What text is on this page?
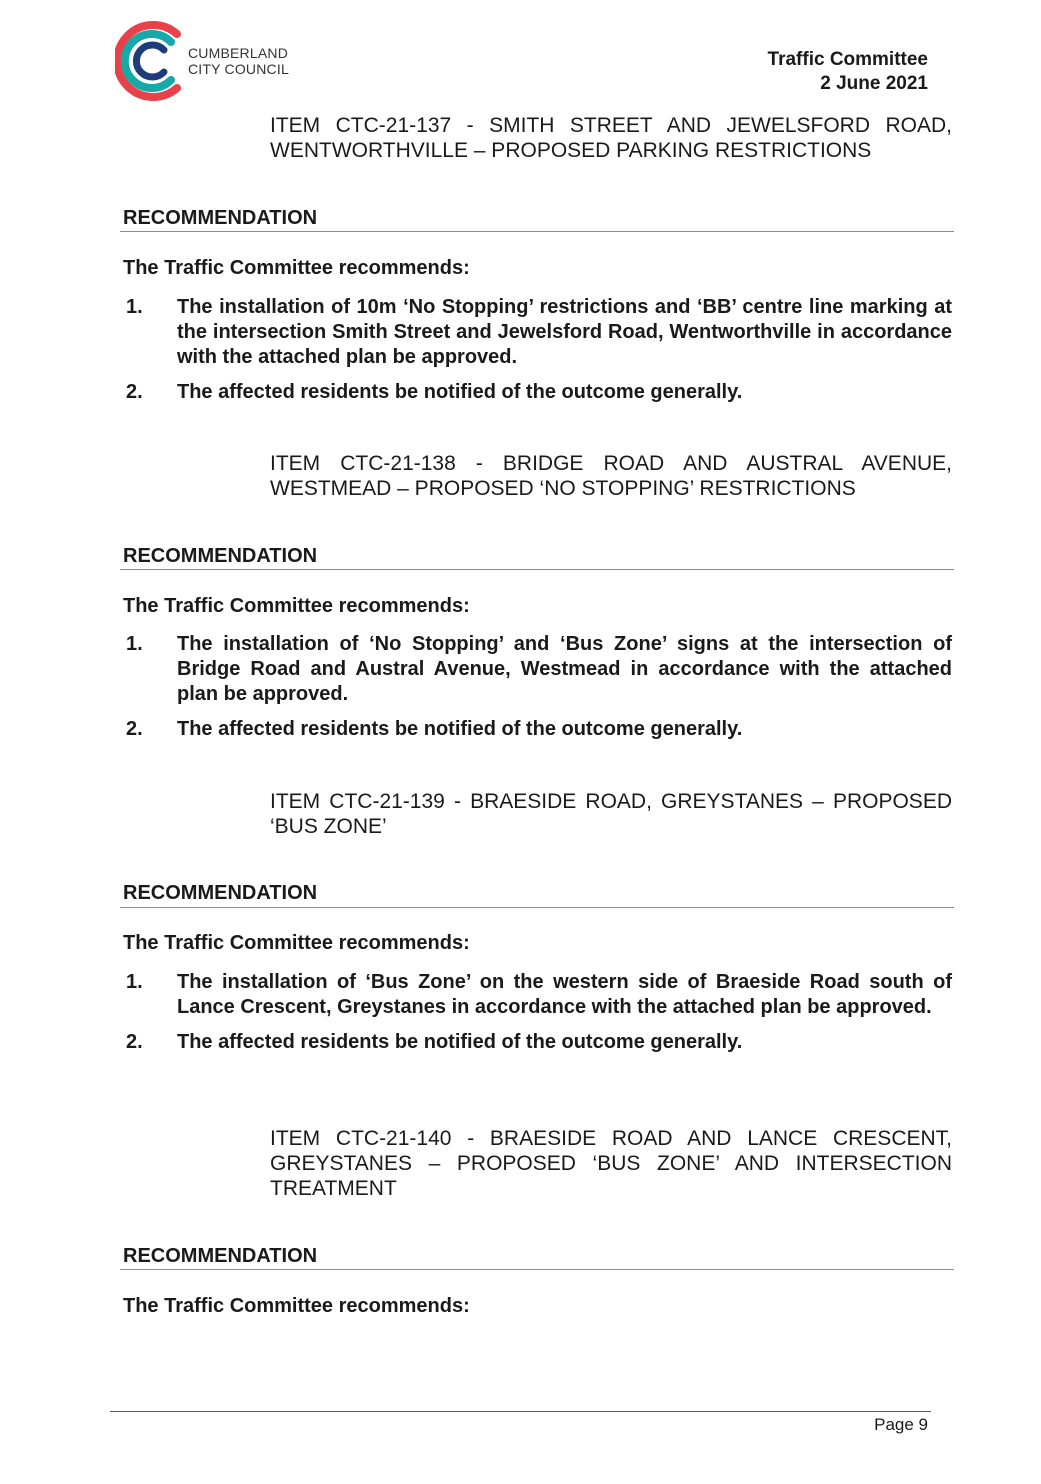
CUMBERLAND
CITY COUNCIL	Traffic Committee
2 June 2021
ITEM CTC-21-137 - SMITH STREET AND JEWELSFORD ROAD, WENTWORTHVILLE – PROPOSED PARKING RESTRICTIONS
RECOMMENDATION
The Traffic Committee recommends:
1. The installation of 10m ‘No Stopping’ restrictions and ‘BB’ centre line marking at the intersection Smith Street and Jewelsford Road, Wentworthville in accordance with the attached plan be approved.
2. The affected residents be notified of the outcome generally.
ITEM CTC-21-138 - BRIDGE ROAD AND AUSTRAL AVENUE, WESTMEAD – PROPOSED ‘NO STOPPING’ RESTRICTIONS
RECOMMENDATION
The Traffic Committee recommends:
1. The installation of ‘No Stopping’ and ‘Bus Zone’ signs at the intersection of Bridge Road and Austral Avenue, Westmead in accordance with the attached plan be approved.
2. The affected residents be notified of the outcome generally.
ITEM CTC-21-139 - BRAESIDE ROAD, GREYSTANES – PROPOSED ‘BUS ZONE’
RECOMMENDATION
The Traffic Committee recommends:
1. The installation of ‘Bus Zone’ on the western side of Braeside Road south of Lance Crescent, Greystanes in accordance with the attached plan be approved.
2. The affected residents be notified of the outcome generally.
ITEM CTC-21-140 - BRAESIDE ROAD AND LANCE CRESCENT, GREYSTANES – PROPOSED ‘BUS ZONE’ AND INTERSECTION TREATMENT
RECOMMENDATION
The Traffic Committee recommends:
Page 9
